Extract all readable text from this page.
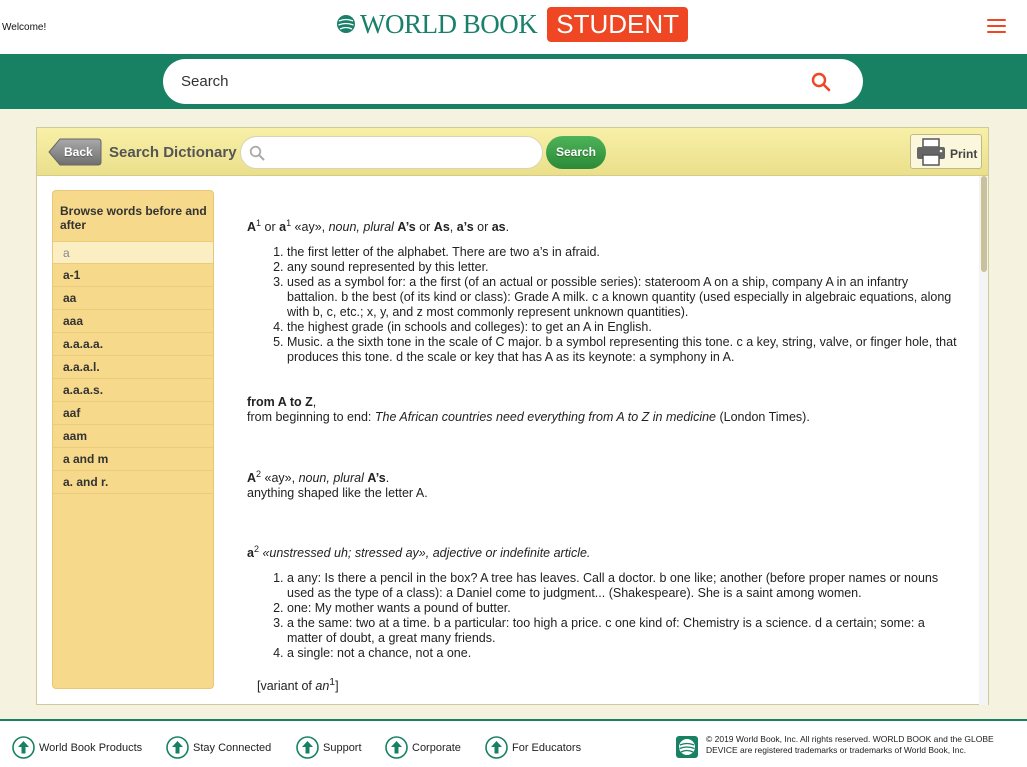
Welcome!	WORLD BOOK STUDENT
Search
Back Search Dictionary	Search	Print
Browse words before and after
a
a-1
aa
aaa
a.a.a.a.
a.a.a.l.
a.a.a.s.
aaf
aam
a and m
a. and r.
$A^1$ or $a^1$ «ay», noun, plural A’s or As, a’s or as.
1. the first letter of the alphabet. There are two a’s in afraid.
2. any sound represented by this letter.
3. used as a symbol for: a the first (of an actual or possible series): stateroom A on a ship, company A in an infantry battalion. b the best (of its kind or class): Grade A milk. c a known quantity (used especially in algebraic equations, along with b, c, etc.; x, y, and z most commonly represent unknown quantities).
4. the highest grade (in schools and colleges): to get an A in English.
5. Music. a the sixth tone in the scale of C major. b a symbol representing this tone. c a key, string, valve, or finger hole, that produces this tone. d the scale or key that has A as its keynote: a symphony in A.
from A to Z,
from beginning to end: The African countries need everything from A to Z in medicine (London Times).
$A^2$ «ay», noun, plural A’s.
anything shaped like the letter A.
$a^2$ «unstressed uh; stressed ay», adjective or indefinite article.
1. a any: Is there a pencil in the box? A tree has leaves. Call a doctor. b one like; another (before proper names or nouns used as the type of a class): a Daniel come to judgment... (Shakespeare). She is a saint among women.
2. one: My mother wants a pound of butter.
3. a the same: two at a time. b a particular: too high a price. c one kind of: Chemistry is a science. d a certain; some: a matter of doubt, a great many friends.
4. a single: not a chance, not a one.
[variant of $an^1$]
World Book Products	Stay Connected	Support	Corporate	For Educators
© 2019 World Book, Inc. All rights reserved. WORLD BOOK and the GLOBE DEVICE are registered trademarks or trademarks of World Book, Inc.
